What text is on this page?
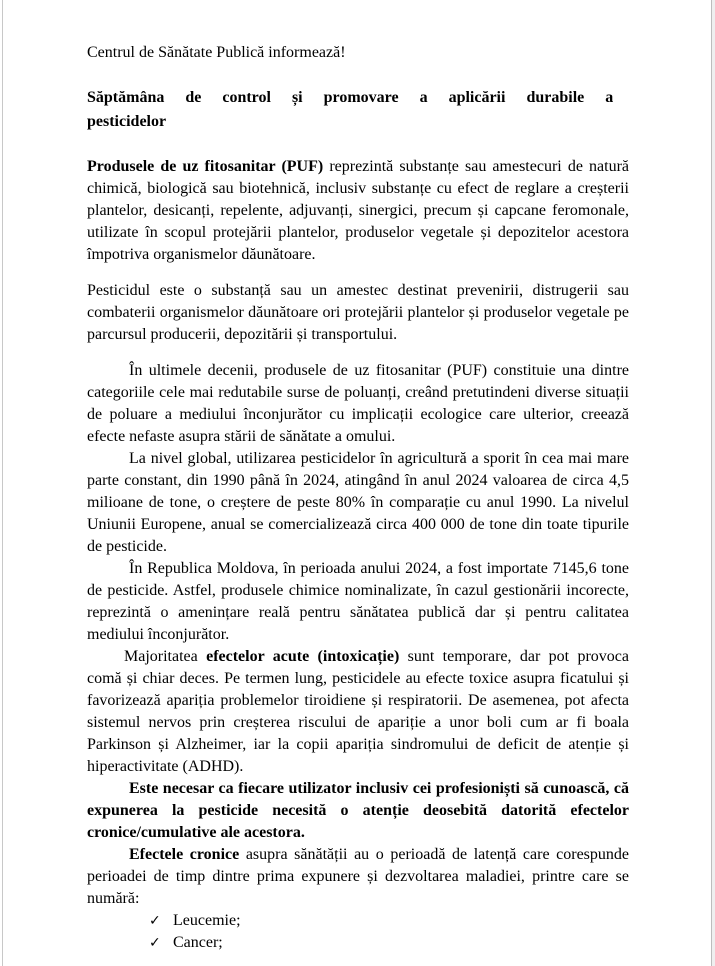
Centrul de Sănătate Publică informează!

Săptămâna de control și promovare a aplicării durabile a pesticidelor

Produsele de uz fitosanitar (PUF) reprezintă substanțe sau amestecuri de natură chimică, biologică sau biotehnică, inclusiv substanțe cu efect de reglare a creșterii plantelor, desicanți, repelente, adjuvanți, sinergici, precum și capcane feromonale, utilizate în scopul protejării plantelor, produselor vegetale și depozitelor acestora împotriva organismelor dăunătoare.

Pesticidul este o substanță sau un amestec destinat prevenirii, distrugerii sau combaterii organismelor dăunătoare ori protejării plantelor și produselor vegetale pe parcursul producerii, depozitării și transportului.

În ultimele decenii, produsele de uz fitosanitar (PUF) constituie una dintre categoriile cele mai redutabile surse de poluanți, creând pretutindeni diverse situații de poluare a mediului înconjurător cu implicații ecologice care ulterior, creează efecte nefaste asupra stării de sănătate a omului.

La nivel global, utilizarea pesticidelor în agricultură a sporit în cea mai mare parte constant, din 1990 până în 2024, atingând în anul 2024 valoarea de circa 4,5 milioane de tone, o creștere de peste 80% în comparație cu anul 1990. La nivelul Uniunii Europene, anual se comercializează circa 400 000 de tone din toate tipurile de pesticide.

În Republica Moldova, în perioada anului 2024, a fost importate 7145,6 tone de pesticide. Astfel, produsele chimice nominalizate, în cazul gestionării incorecte, reprezintă o amenințare reală pentru sănătatea publică dar și pentru calitatea mediului înconjurător.

Majoritatea efectelor acute (intoxicație) sunt temporare, dar pot provoca comă și chiar deces. Pe termen lung, pesticidele au efecte toxice asupra ficatului și favorizează apariția problemelor tiroidiene și respiratorii. De asemenea, pot afecta sistemul nervos prin creșterea riscului de apariție a unor boli cum ar fi boala Parkinson și Alzheimer, iar la copii apariția sindromului de deficit de atenție și hiperactivitate (ADHD).

Este necesar ca fiecare utilizator inclusiv cei profesioniști să cunoască, că expunerea la pesticide necesită o atenție deosebită datorită efectelor cronice/cumulative ale acestora.

Efectele cronice asupra sănătății au o perioadă de latență care corespunde perioadei de timp dintre prima expunere și dezvoltarea maladiei, printre care se numără:

✓ Leucemie;
✓ Cancer;
